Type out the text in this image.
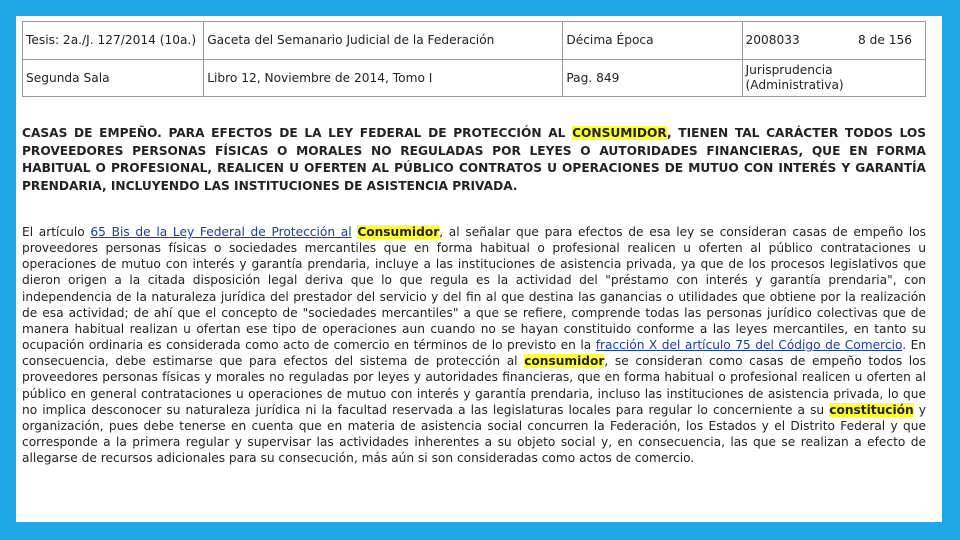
Tesis: 2a./J. 127/2014 (10a.)	Gaceta del Semanario Judicial de la Federación	Décima Época	2008033 8 de 156

Segunda Sala	Libro 12, Noviembre de 2014, Tomo I	Pag. 849	Jurisprudencia (Administrativa)

CASAS DE EMPEÑO. PARA EFECTOS DE LA LEY FEDERAL DE PROTECCIÓN AL CONSUMIDOR, TIENEN TAL CARÁCTER TODOS LOS PROVEEDORES PERSONAS FÍSICAS O MORALES NO REGULADAS POR LEYES O AUTORIDADES FINANCIERAS, QUE EN FORMA HABITUAL O PROFESIONAL, REALICEN U OFERTEN AL PÚBLICO CONTRATOS U OPERACIONES DE MUTUO CON INTERÉS Y GARANTÍA PRENDARIA, INCLUYENDO LAS INSTITUCIONES DE ASISTENCIA PRIVADA.

El artículo 65 Bis de la Ley Federal de Protección al Consumidor, al señalar que para efectos de esa ley se consideran casas de empeño los proveedores personas físicas o sociedades mercantiles que en forma habitual o profesional realicen u oferten al público contrataciones u operaciones de mutuo con interés y garantía prendaria, incluye a las instituciones de asistencia privada, ya que de los procesos legislativos que dieron origen a la citada disposición legal deriva que lo que regula es la actividad del "préstamo con interés y garantía prendaria", con independencia de la naturaleza jurídica del prestador del servicio y del fin al que destina las ganancias o utilidades que obtiene por la realización de esa actividad; de ahí que el concepto de "sociedades mercantiles" a que se refiere, comprende todas las personas jurídico colectivas que de manera habitual realizan u ofertan ese tipo de operaciones aun cuando no se hayan constituido conforme a las leyes mercantiles, en tanto su ocupación ordinaria es considerada como acto de comercio en términos de lo previsto en la fracción X del artículo 75 del Código de Comercio. En consecuencia, debe estimarse que para efectos del sistema de protección al consumidor, se consideran como casas de empeño todos los proveedores personas físicas y morales no reguladas por leyes y autoridades financieras, que en forma habitual o profesional realicen u oferten al público en general contrataciones u operaciones de mutuo con interés y garantía prendaria, incluso las instituciones de asistencia privada, lo que no implica desconocer su naturaleza jurídica ni la facultad reservada a las legislaturas locales para regular lo concerniente a su constitución y organización, pues debe tenerse en cuenta que en materia de asistencia social concurren la Federación, los Estados y el Distrito Federal y que corresponde a la primera regular y supervisar las actividades inherentes a su objeto social y, en consecuencia, las que se realizan a efecto de allegarse de recursos adicionales para su consecución, más aún si son consideradas como actos de comercio.
